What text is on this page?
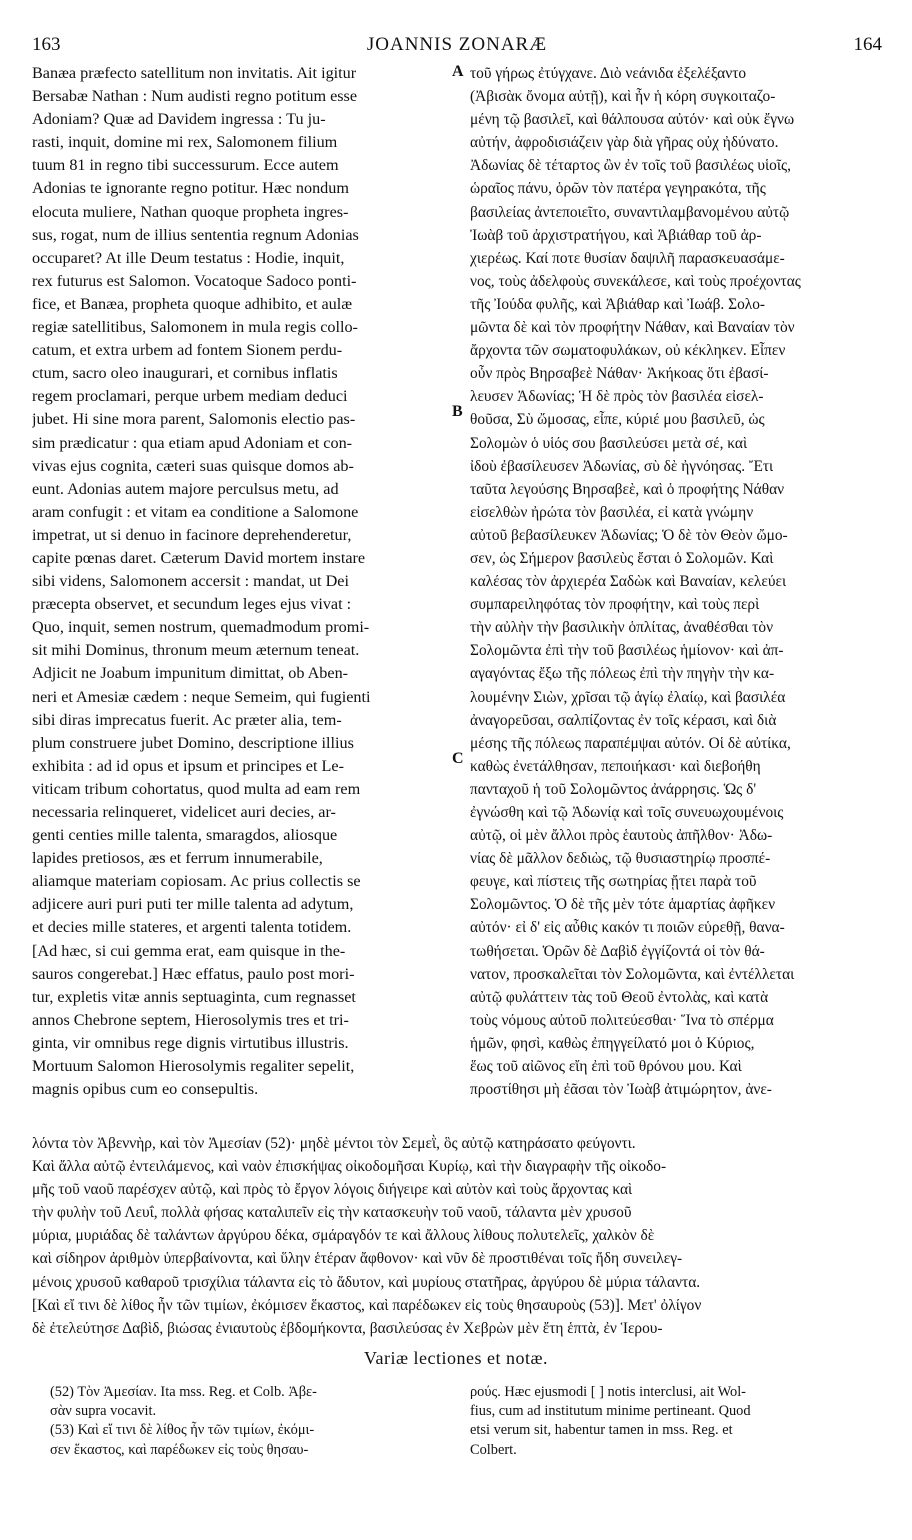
163	JOANNIS ZONARÆ	164
Banæa præfecto satellitum non invitatis. Ait igitur
Bersabæ Nathan : Num audisti regno potitum esse
Adoniam? Quæ ad Davidem ingressa : Tu ju-
rasti, inquit, domine mi rex, Salomonem filium
tuum 81 in regno tibi successurum. Ecce autem
Adonias te ignorante regno potitur. Hæc nondum
elocuta muliere, Nathan quoque propheta ingres-
sus, rogat, num de illius sententia regnum Adonias
occuparet? At ille Deum testatus : Hodie, inquit,
rex futurus est Salomon. Vocatoque Sadoco ponti-
fice, et Banæa, propheta quoque adhibito, et aulæ
regiæ satellitibus, Salomonem in mula regis collo-
catum, et extra urbem ad fontem Sionem perdu-
ctum, sacro oleo inaugurari, et cornibus inflatis
regem proclamari, perque urbem mediam deduci
jubet. Hi sine mora parent, Salomonis electio pas-
sim prædicatur : qua etiam apud Adoniam et con-
vivas ejus cognita, cæteri suas quisque domos ab-
eunt. Adonias autem majore perculsus metu, ad
aram confugit : et vitam ea conditione a Salomone
impetrat, ut si denuo in facinore deprehenderetur,
capite pœnas daret. Cæterum David mortem instare
sibi videns, Salomonem accersit : mandat, ut Dei
præcepta observet, et secundum leges ejus vivat :
Quo, inquit, semen nostrum, quemadmodum promi-
sit mihi Dominus, thronum meum æternum teneat.
Adjicit ne Joabum impunitum dimittat, ob Aben-
neri et Amesiæ cædem : neque Semeim, qui fugienti
sibi diras imprecatus fuerit. Ac præter alia, tem-
plum construere jubet Domino, descriptione illius
exhibita : ad id opus et ipsum et principes et Le-
viticam tribum cohortatus, quod multa ad eam rem
necessaria relinqueret, videlicet auri decies, ar-
genti centies mille talenta, smaragdos, aliosque
lapides pretiosos, æs et ferrum innumerabile,
aliamque materiam copiosam. Ac prius collectis se
adjicere auri puri puti ter mille talenta ad adytum,
et decies mille stateres, et argenti talenta totidem.
[Ad hæc, si cui gemma erat, eam quisque in the-
sauros congerebat.] Hæc effatus, paulo post mori-
tur, expletis vitæ annis septuaginta, cum regnasset
annos Chebrone septem, Hierosolymis tres et tri-
ginta, vir omnibus rege dignis virtutibus illustris.
Mortuum Salomon Hierosolymis regaliter sepelit,
magnis opibus cum eo consepultis.
A
B
C
τοῦ γήρως ἐτύγχανε. Διὸ νεάνιδα ἐξελέξαντο
(Ἀβισὰκ ὄνομα αὐτῇ), καὶ ἦν ἡ κόρη συγκοιταζο-
μένη τῷ βασιλεῖ, καὶ θάλπουσα αὐτόν· καὶ οὐκ ἔγνω
αὐτήν, ἀφροδισιάζειν γὰρ διὰ γῆρας οὐχ ἠδύνατο.
Ἀδωνίας δὲ τέταρτος ὢν ἐν τοῖς τοῦ βασιλέως υἱοῖς,
ὡραῖος πάνυ, ὁρῶν τὸν πατέρα γεγηρακότα, τῆς
βασιλείας ἀντεποιεῖτο, συναντιλαμβανομένου αὐτῷ
Ἰωὰβ τοῦ ἀρχιστρατήγου, καὶ Ἀβιάθαρ τοῦ ἀρ-
χιερέως. Καί ποτε θυσίαν δαψιλῆ παρασκευασάμε-
νος, τοὺς ἀδελφοὺς συνεκάλεσε, καὶ τοὺς προέχοντας
τῆς Ἰούδα φυλῆς, καὶ Ἀβιάθαρ καὶ Ἰωάβ. Σολο-
μῶντα δὲ καὶ τὸν προφήτην Νάθαν, καὶ Βαναίαν τὸν
ἄρχοντα τῶν σωματοφυλάκων, οὐ κέκληκεν. Εἶπεν
οὖν πρὸς Βηρσαβεὲ Νάθαν· Ἀκήκοας ὅτι ἐβασί-
λευσεν Ἀδωνίας; Ἡ δὲ πρὸς τὸν βασιλέα εἰσελ-
θοῦσα, Σὺ ὤμοσας, εἶπε, κύριέ μου βασιλεῦ, ὡς
Σολομὼν ὁ υἱός σου βασιλεύσει μετὰ σέ, καὶ
ἰδοὺ ἐβασίλευσεν Ἀδωνίας, σὺ δὲ ἠγνόησας. Ἔτι
ταῦτα λεγούσης Βηρσαβεὲ, καὶ ὁ προφήτης Νάθαν
εἰσελθὼν ἠρώτα τὸν βασιλέα, εἰ κατὰ γνώμην
αὐτοῦ βεβασίλευκεν Ἀδωνίας; Ὁ δὲ τὸν Θεὸν ὤμο-
σεν, ὡς Σήμερον βασιλεὺς ἔσται ὁ Σολομῶν. Καὶ
καλέσας τὸν ἀρχιερέα Σαδὼκ καὶ Βαναίαν, κελεύει
συμπαρειληφότας τὸν προφήτην, καὶ τοὺς περὶ
τὴν αὐλὴν τὴν βασιλικὴν ὁπλίτας, ἀναθέσθαι τὸν
Σολομῶντα ἐπὶ τὴν τοῦ βασιλέως ἡμίονον· καὶ ἀπ-
αγαγόντας ἔξω τῆς πόλεως ἐπὶ τὴν πηγὴν τὴν κα-
λουμένην Σιὼν, χρῖσαι τῷ ἁγίῳ ἐλαίῳ, καὶ βασιλέα
ἀναγορεῦσαι, σαλπίζοντας ἐν τοῖς κέρασι, καὶ διὰ
μέσης τῆς πόλεως παραπέμψαι αὐτόν. Οἱ δὲ αὐτίκα,
καθὼς ἐνετάλθησαν, πεποιήκασι· καὶ διεβοήθη
πανταχοῦ ἡ τοῦ Σολομῶντος ἀνάρρησις. Ὡς δ'
ἐγνώσθη καὶ τῷ Ἀδωνίᾳ καὶ τοῖς συνευωχουμένοις
αὐτῷ, οἱ μὲν ἄλλοι πρὸς ἑαυτοὺς ἀπῆλθον· Ἀδω-
νίας δὲ μᾶλλον δεδιὼς, τῷ θυσιαστηρίῳ προσπέ-
φευγε, καὶ πίστεις τῆς σωτηρίας ᾔτει παρὰ τοῦ
Σολομῶντος. Ὁ δὲ τῆς μὲν τότε ἁμαρτίας ἀφῆκεν
αὐτόν· εἰ δ' εἰς αὖθις κακόν τι ποιῶν εὑρεθῇ, θανα-
τωθήσεται. Ὁρῶν δὲ Δαβὶδ ἐγγίζοντά οἱ τὸν θά-
νατον, προσκαλεῖται τὸν Σολομῶντα, καὶ ἐντέλλεται
αὐτῷ φυλάττειν τὰς τοῦ Θεοῦ ἐντολὰς, καὶ κατὰ
τοὺς νόμους αὐτοῦ πολιτεύεσθαι· Ἵνα τὸ σπέρμα
ἡμῶν, φησὶ, καθὼς ἐπηγγείλατό μοι ὁ Κύριος,
ἕως τοῦ αἰῶνος εἴη ἐπὶ τοῦ θρόνου μου. Καὶ
προστίθησι μὴ ἐᾶσαι τὸν Ἰωὰβ ἀτιμώρητον, ἀνε-
λόντα τὸν Ἀβεννὴρ, καὶ τὸν Ἀμεσίαν (52)· μηδὲ μέντοι τὸν Σεμεῒ, ὃς αὐτῷ κατηράσατο φεύγοντι.
Καὶ ἄλλα αὐτῷ ἐντειλάμενος, καὶ ναὸν ἐπισκήψας οἰκοδομῆσαι Κυρίῳ, καὶ τὴν διαγραφὴν τῆς οἰκοδο-
μῆς τοῦ ναοῦ παρέσχεν αὐτῷ, καὶ πρὸς τὸ ἔργον λόγοις διήγειρε καὶ αὐτὸν καὶ τοὺς ἄρχοντας καὶ
τὴν φυλὴν τοῦ Λευΐ, πολλὰ φήσας καταλιπεῖν εἰς τὴν κατασκευὴν τοῦ ναοῦ, τάλαντα μὲν χρυσοῦ
μύρια, μυριάδας δὲ ταλάντων ἀργύρου δέκα, σμάραγδόν τε καὶ ἄλλους λίθους πολυτελεῖς, χαλκὸν δὲ
καὶ σίδηρον ἀριθμὸν ὑπερβαίνοντα, καὶ ὕλην ἑτέραν ἄφθονον· καὶ νῦν δὲ προστιθέναι τοῖς ἤδη συνειλεγ-
μένοις χρυσοῦ καθαροῦ τρισχίλια τάλαντα εἰς τὸ ἄδυτον, καὶ μυρίους στατῆρας, ἀργύρου δὲ μύρια τάλαντα.
[Καὶ εἴ τινι δὲ λίθος ἦν τῶν τιμίων, ἐκόμισεν ἕκαστος, καὶ παρέδωκεν εἰς τοὺς θησαυροὺς (53)]. Μετ' ὀλίγον
δὲ ἐτελεύτησε Δαβὶδ, βιώσας ἐνιαυτοὺς ἑβδομήκοντα, βασιλεύσας ἐν Χεβρὼν μὲν ἔτη ἑπτὰ, ἐν Ἱερου-
Variæ lectiones et notæ.
(52) Τὸν Ἀμεσίαν. Ita mss. Reg. et Colb. Ἀβε-
σὰν supra vocavit.
(53) Καὶ εἴ τινι δὲ λίθος ἦν τῶν τιμίων, ἐκόμι-
σεν ἕκαστος, καὶ παρέδωκεν εἰς τοὺς θησαυ-
ρούς. Hæc ejusmodi [ ] notis interclusi, ait Wol-
fius, cum ad institutum minime pertineant. Quod
etsi verum sit, habentur tamen in mss. Reg. et
Colbert.
